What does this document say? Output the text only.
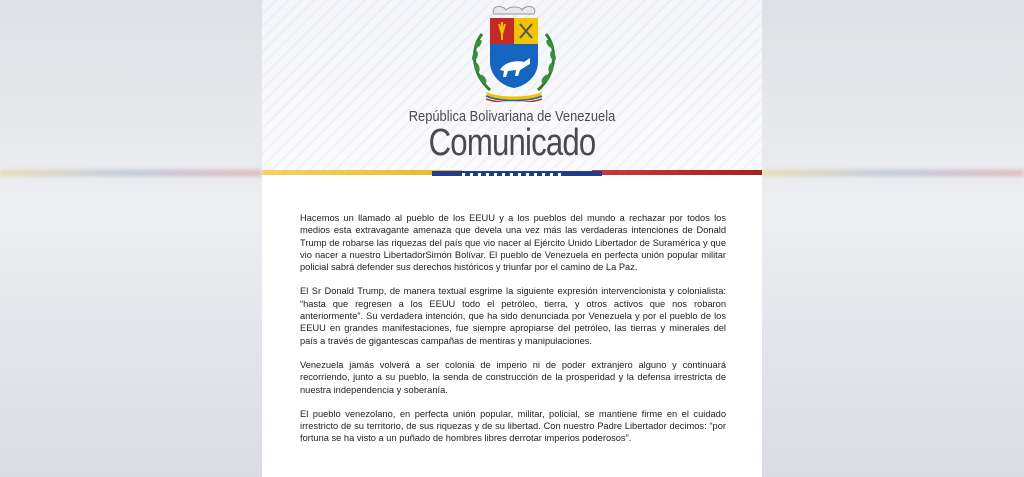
República Bolivariana de Venezuela
Comunicado

Hacemos un llamado al pueblo de los EEUU y a los pueblos del mundo a rechazar por todos los medios esta extravagante amenaza que devela una vez más las verdaderas intenciones de Donald Trump de robarse las riquezas del país que vio nacer al Ejército Unido Libertador de Suramérica y que vio nacer a nuestro LibertadorSimón Bolívar. El pueblo de Venezuela en perfecta unión popular militar policial sabrá defender sus derechos históricos y triunfar por el camino de La Paz.

El Sr Donald Trump, de manera textual esgrime la siguiente expresión intervencionista y colonialista: “hasta que regresen a los EEUU todo el petróleo, tierra, y otros activos que nos robaron anteriormente”. Su verdadera intención, que ha sido denunciada por Venezuela y por el pueblo de los EEUU en grandes manifestaciones, fue siempre apropiarse del petróleo, las tierras y minerales del país a través de gigantescas campañas de mentiras y manipulaciones.

Venezuela jamás volverá a ser colonia de imperio ni de poder extranjero alguno y continuará recorriendo, junto a su pueblo, la senda de construcción de la prosperidad y la defensa irrestricta de nuestra independencia y soberanía.

El pueblo venezolano, en perfecta unión popular, militar, policial, se mantiene firme en el cuidado irrestricto de su territorio, de sus riquezas y de su libertad. Con nuestro Padre Libertador decimos: “por fortuna se ha visto a un puñado de hombres libres derrotar imperios poderosos”.
